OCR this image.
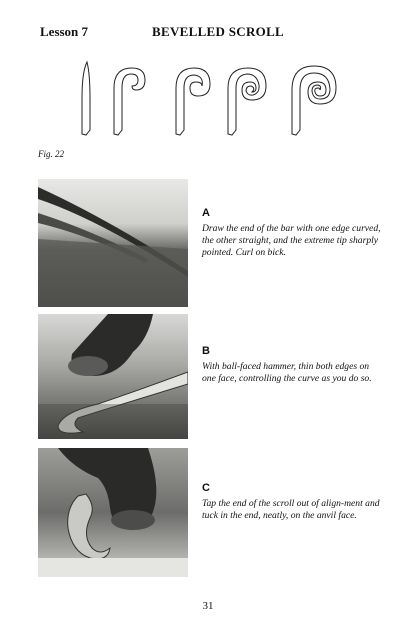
Lesson 7	BEVELLED SCROLL
Fig. 22
A
Draw the end of the bar with one edge curved, the other straight, and the extreme tip sharply pointed. Curl on bick.
B
With ball-faced hammer, thin both edges on one face, controlling the curve as you do so.
C
Tap the end of the scroll out of align-ment and tuck in the end, neatly, on the anvil face.
31
